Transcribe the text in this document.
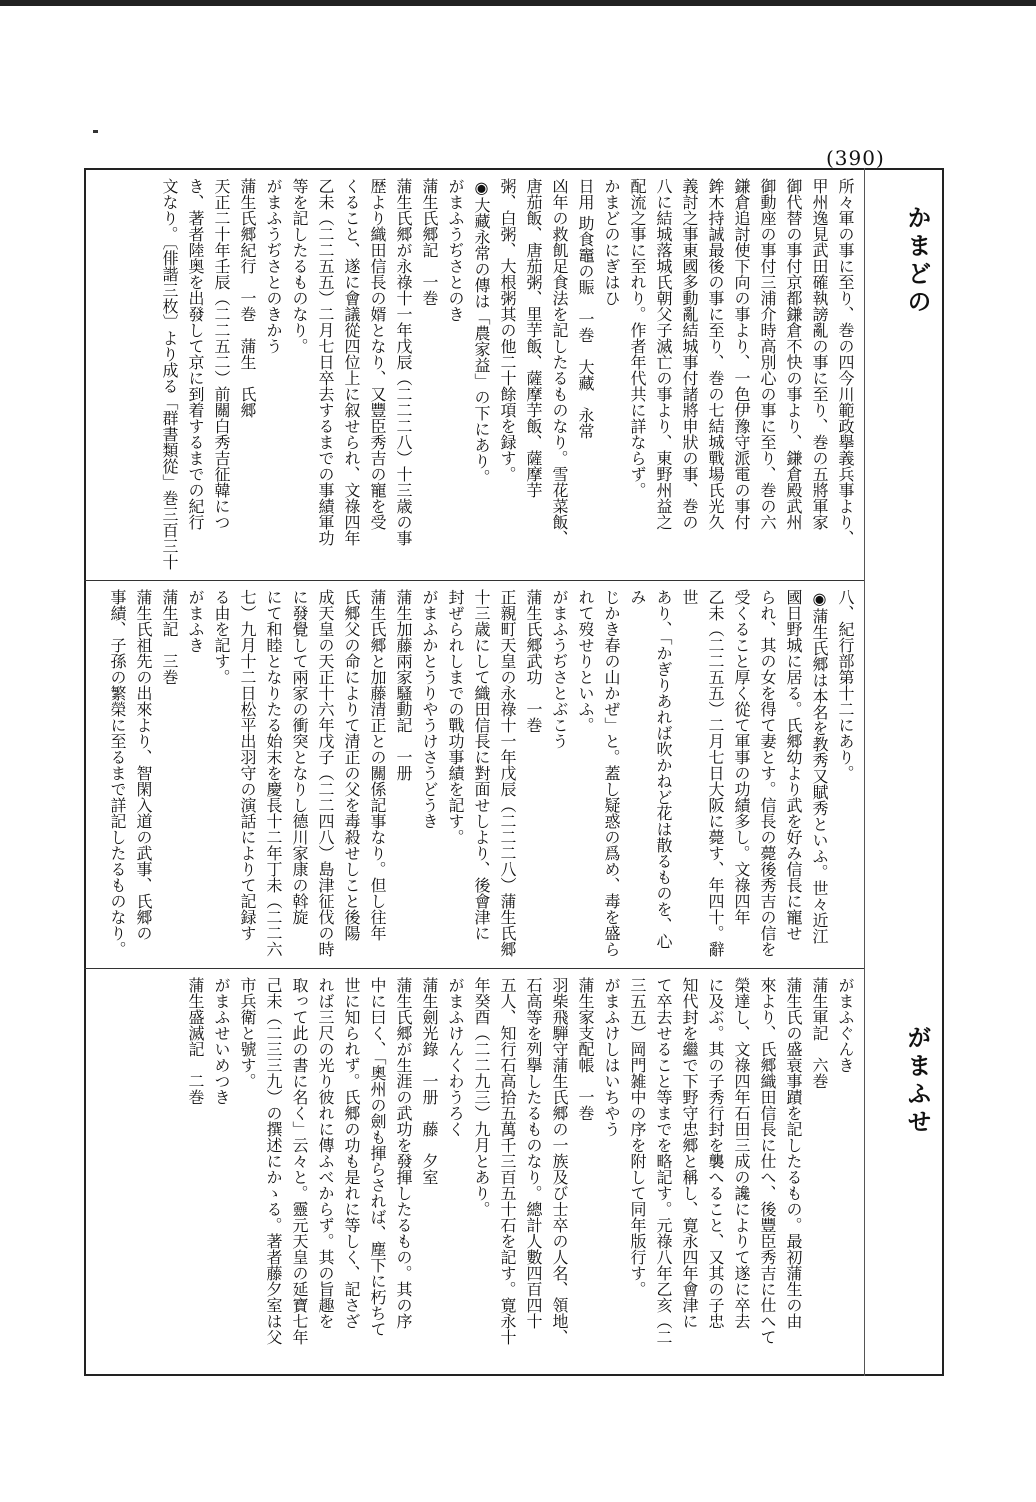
(390)
かまどの
がまふせ
所々軍の事に至り、巻の四今川範政擧義兵事より、
甲州逸見武田確執謗亂の事に至り、巻の五將軍家
御代替の事付京都鎌倉不快の事より、鎌倉殿武州
御動座の事付三浦介時高別心の事に至り、巻の六
鎌倉追討使下向の事より、一色伊豫守派電の事付
鉾木持誠最後の事に至り、巻の七結城戰場氏光久
義討之事東國多動亂結城事付諸將申狀の事、巻の
八に結城落城氏朝父子滅亡の事より、東野州益之
配流之事に至れり。作者年代共に詳ならず。
かまどのにぎはひ
日用 助食竈の賑　一巻　大藏　永常
凶年の救飢足食法を記したるものなり。雪花菜飯、
唐茄飯、唐茄粥、里芋飯、薩摩芋飯、薩摩芋
粥、白粥、大根粥其の他二十餘項を録す。
◉大藏永常の傳は「農家益」の下にあり。
がまふうぢさとのき
蒲生氏郷記　一巻
蒲生氏郷が永祿十一年戊辰（二二二八）十三歳の事
歴より織田信長の婿となり、又豐臣秀吉の寵を受
くること、遂に會議從四位上に叙せられ、文祿四年
乙未（二二五五）二月七日卒去するまでの事績軍功
等を記したるものなり。
がまふうぢさとのきかう
蒲生氏郷紀行　一巻　蒲生　氏郷
天正二十年壬辰（二二五二）前關白秀吉征韓につ
き、著者陸奥を出發して京に到着するまでの紀行
文なり。〔俳諧三枚〕より成る「群書類從」巻三百三十
八、紀行部第十二にあり。
◉蒲生氏郷は本名を教秀又賦秀といふ。世々近江
國日野城に居る。氏郷幼より武を好み信長に寵せ
られ、其の女を得て妻とす。信長の薨後秀吉の信を
受くること厚く從て軍事の功績多し。文祿四年
乙未（二二五五）二月七日大阪に薨す、年四十。辭世
あり、「かぎりあれば吹かねど花は散るものを、心み
じかき春の山かぜ」と。蓋し疑惑の爲め、毒を盛ら
れて歿せりといふ。
がまふうぢさとぶこう
蒲生氏郷武功　一巻
正親町天皇の永祿十一年戊辰（二二二八）蒲生氏郷
十三歳にして織田信長に對面せしより、後會津に
封ぜられしまでの戰功事績を記す。
がまふかとうりやうけさうどうき
蒲生加藤兩家騷動記　一册
蒲生氏郷と加藤清正との關係記事なり。但し往年
氏郷父の命によりて清正の父を毒殺せしこと後陽
成天皇の天正十六年戊子（二二四八）島津征伐の時
に發覺して兩家の衝突となりし德川家康の斡旋
にて和睦となりたる始末を慶長十二年丁未（二二六
七）九月十二日松平出羽守の演話によりて記録す
る由を記す。
がまふき
蒲生記　三巻
蒲生氏祖先の出來より、智閑入道の武事、氏郷の
事績、子孫の繁榮に至るまで詳記したるものなり。
がまふぐんき
蒲生軍記　六巻
蒲生氏の盛衰事蹟を記したるもの。最初蒲生の由
來より、氏郷織田信長に仕へ、後豐臣秀吉に仕へて
榮達し、文祿四年石田三成の讒によりて遂に卒去
に及ぶ。其の子秀行封を襲へること、又其の子忠
知代封を繼で下野守忠郷と稱し、寛永四年會津に
て卒去せること等までを略記す。元祿八年乙亥（二
三五五）岡門雑中の序を附して同年版行す。
がまふけしはいちやう
蒲生家支配帳　一巻
羽柴飛騨守蒲生氏郷の一族及び士卒の人名、領地、
石高等を列擧したるものなり。總計人數四百四十
五人、知行石高拾五萬千三百五十石を記す。寛永十
年癸酉（二二九三）九月とあり。
がまふけんくわうろく
蒲生劍光錄　一册　藤　夕室
蒲生氏郷が生涯の武功を發揮したるもの。其の序
中に曰く、「奧州の劍も揮らされば、塵下に朽ちて
世に知られず。氏郷の功も是れに等しく、記さざ
れば三尺の光り彼れに傳ふべからず。其の旨趣を
取って此の書に名く」云々と。靈元天皇の延寶七年
己未（二三三九）の撰述にかゝる。著者藤夕室は父
市兵衛と號す。
がまふせいめつき
蒲生盛滅記　二巻
